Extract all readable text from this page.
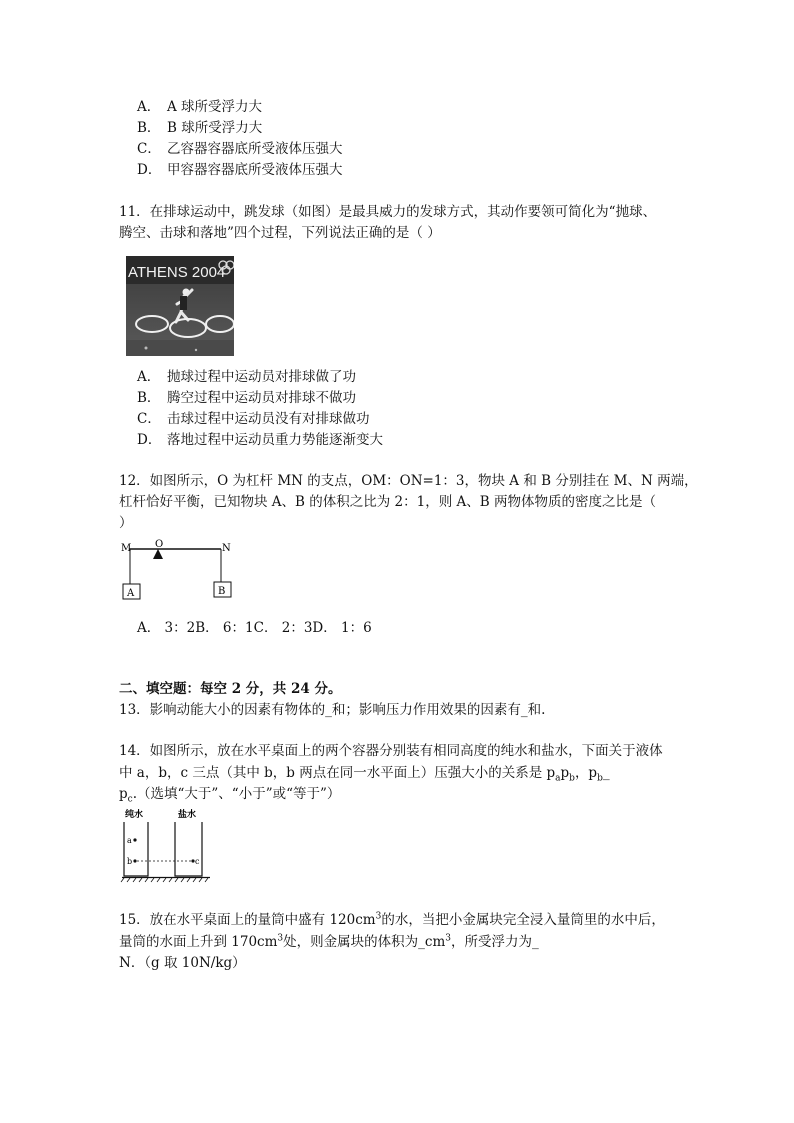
A． A 球所受浮力大
B． B 球所受浮力大
C． 乙容器容器底所受液体压强大
D． 甲容器容器底所受液体压强大
11．在排球运动中，跳发球（如图）是最具威力的发球方式，其动作要领可简化为“抛球、
腾空、击球和落地”四个过程，下列说法正确的是（ ）
ATHENS 2004
A． 抛球过程中运动员对排球做了功
B． 腾空过程中运动员对排球不做功
C． 击球过程中运动员没有对排球做功
D． 落地过程中运动员重力势能逐渐变大
12．如图所示，O 为杠杆 MN 的支点，OM：ON=1：3，物块 A 和 B 分别挂在 M、N 两端，
杠杆恰好平衡，已知物块 A、B 的体积之比为 2：1，则 A、B 两物体物质的密度之比是（
）
M O	N
A	B
A． 3：2B． 6：1C． 2：3D． 1：6
二、填空题：每空 2 分，共 24 分。
13．影响动能大小的因素有物体的_和；影响压力作用效果的因素有_和.
14．如图所示，放在水平桌面上的两个容器分别装有相同高度的纯水和盐水，下面关于液体
中 a，b，c 三点（其中 b，b 两点在同一水平面上）压强大小的关系是 $p_ap_b$，$p_b\_$
$p_c$.（选填“大于”、“小于”或“等于”）
纯水	盐水
a
b	c
15．放在水平桌面上的量筒中盛有 $120cm^3$的水，当把小金属块完全浸入量筒里的水中后，
量筒的水面上升到 $170cm^3$处，则金属块的体积为$\_cm^3$，所受浮力为_
N．（g 取 10N/kg）
